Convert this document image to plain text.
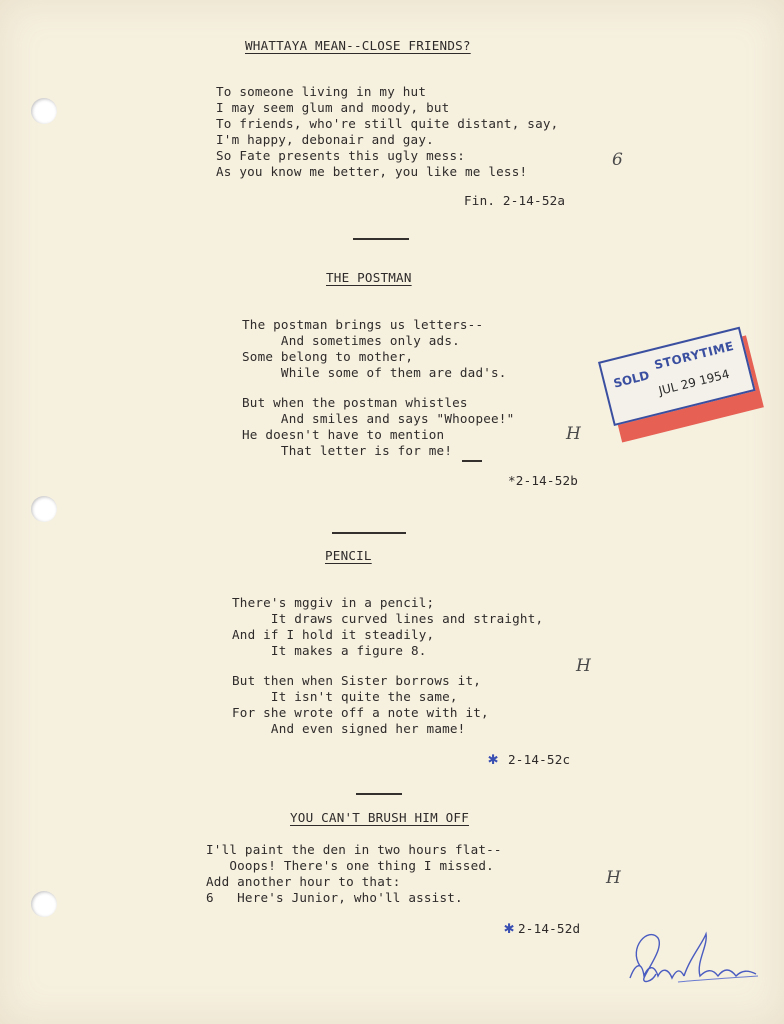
WHATTAYA MEAN--CLOSE FRIENDS?
To someone living in my hut
I may seem glum and moody, but
To friends, who're still quite distant, say,
I'm happy, debonair and gay.
So Fate presents this ugly mess:
As you know me better, you like me less!
6
Fin. 2-14-52a
THE POSTMAN
The postman brings us letters--
And sometimes only ads.
Some belong to mother,
While some of them are dad's.
But when the postman whistles
And smiles and says "Whoopee!"
He doesn't have to mention
That letter is for me!
H
*2-14-52b
SOLD
STORYTIME
JUL 29 1954
PENCIL
There's mggiv in a pencil;
It draws curved lines and straight,
And if I hold it steadily,
It makes a figure 8.
But then when Sister borrows it,
It isn't quite the same,
For she wrote off a note with it,
And even signed her mame!
H
✱ 2-14-52c
YOU CAN'T BRUSH HIM OFF
I'll paint the den in two hours flat--
Ooops! There's one thing I missed.
Add another hour to that:
6   Here's Junior, who'll assist.
H
✱ 2-14-52d
